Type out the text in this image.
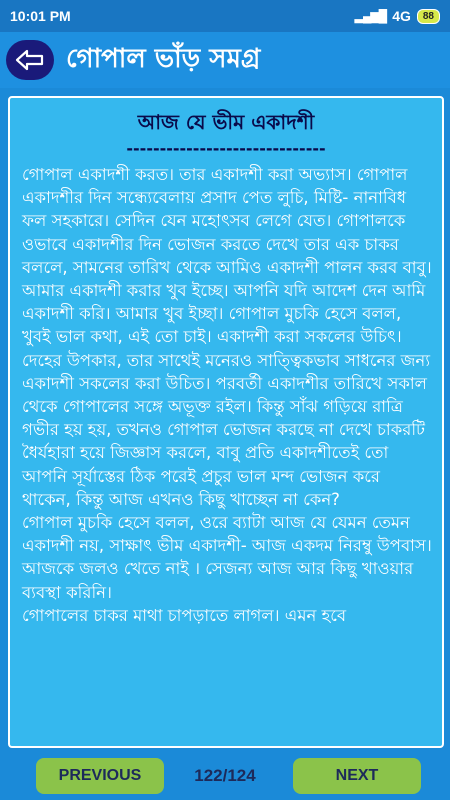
10:01 PM	▂▄▆█ 4G	88
গোপাল ভাঁড় সমগ্র
আজ যে ভীম একাদশী
------------------------------

গোপাল একাদশী করত। তার একাদশী করা অভ্যাস। গোপাল একাদশীর দিন সন্ধ্যেবেলায় প্রসাদ পেত লুচি, মিষ্টি- নানাবিধ ফল সহকারে। সেদিন যেন মহোৎসব লেগে যেত। গোপালকে ওভাবে একাদশীর দিন ভোজন করতে দেখে তার এক চাকর বললে, সামনের তারিখ থেকে আমিও একাদশী পালন করব বাবু। আমার একাদশী করার খুব ইচ্ছে। আপনি যদি আদেশ দেন আমি একাদশী করি। আমার খুব ইচ্ছা। গোপাল মুচকি হেসে বলল, খুবই ভাল কথা, এই তো চাই। একাদশী করা সকলের উচিৎ। দেহের উপকার, তার সাথেই মনেরও সাত্ত্বিকভাব সাধনের জন্য একাদশী সকলের করা উচিত। পরবর্তী একাদশীর তারিখে সকাল থেকে গোপালের সঙ্গে অভূক্ত রইল। কিন্তু সাঁঝ গড়িয়ে রাত্রি গভীর হয় হয়, তখনও গোপাল ভোজন করছে না দেখে চাকরটি ধৈর্যহারা হয়ে জিজ্ঞাস করলে, বাবু প্রতি একাদশীতেই তো আপনি সূর্যাস্তের ঠিক পরেই প্রচুর ভাল মন্দ ভোজন করে থাকেন, কিন্তু আজ এখনও কিছু খাচ্ছেন না কেন?

গোপাল মুচকি হেসে বলল, ওরে ব্যাটা আজ যে যেমন তেমন একাদশী নয়, সাক্ষাৎ ভীম একাদশী- আজ একদম নিরম্বু উপবাস। আজকে জলও খেতে নাই । সেজন্য আজ আর কিছু খাওয়ার ব্যবস্থা করিনি।

গোপালের চাকর মাথা চাপড়াতে লাগল। এমন হবে

PREVIOUS	122/124	NEXT
